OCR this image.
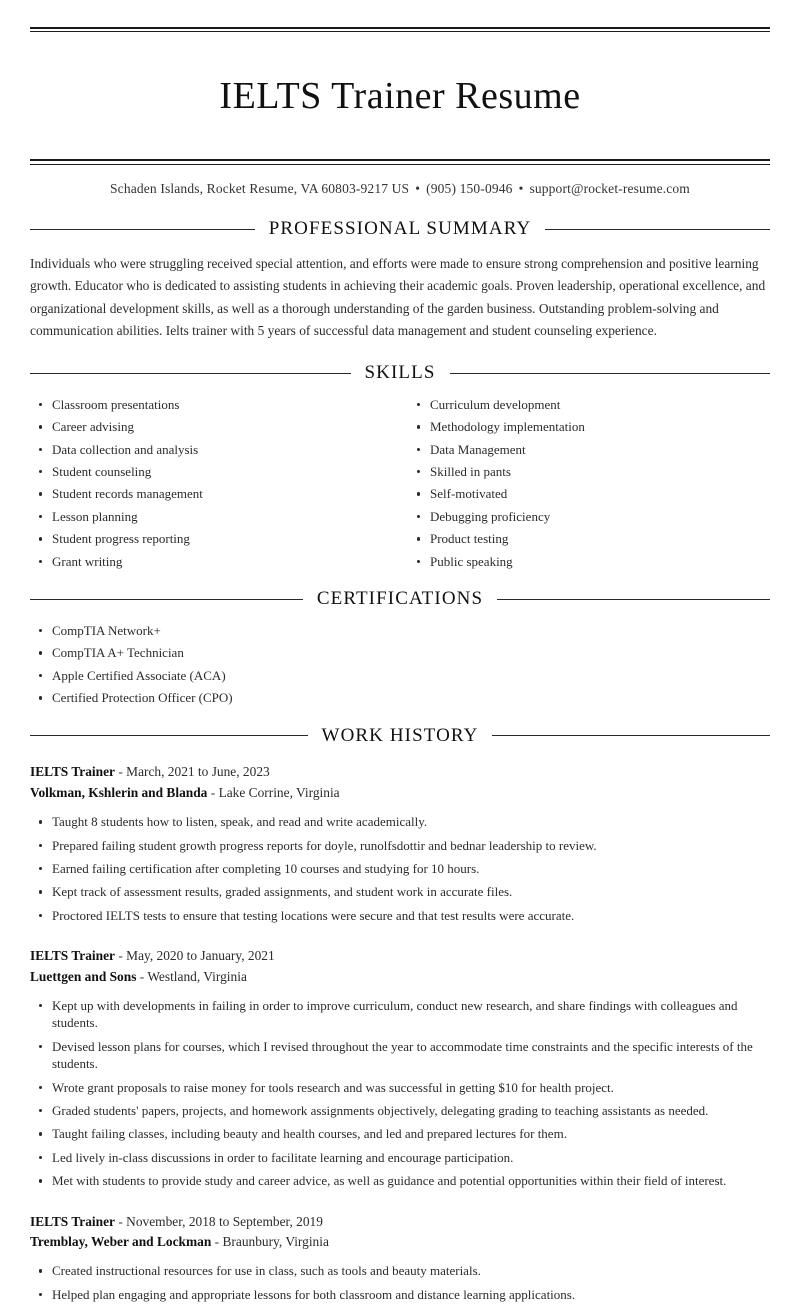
IELTS Trainer Resume
Schaden Islands, Rocket Resume, VA 60803-9217 US • (905) 150-0946 • support@rocket-resume.com
PROFESSIONAL SUMMARY

Individuals who were struggling received special attention, and efforts were made to ensure strong comprehension and positive learning growth. Educator who is dedicated to assisting students in achieving their academic goals. Proven leadership, operational excellence, and organizational development skills, as well as a thorough understanding of the garden business. Outstanding problem-solving and communication abilities. Ielts trainer with 5 years of successful data management and student counseling experience.

SKILLS
Classroom presentations
Career advising
Data collection and analysis
Student counseling
Student records management
Lesson planning
Student progress reporting
Grant writing
Curriculum development
Methodology implementation
Data Management
Skilled in pants
Self-motivated
Debugging proficiency
Product testing
Public speaking
CERTIFICATIONS
CompTIA Network+
CompTIA A+ Technician
Apple Certified Associate (ACA)
Certified Protection Officer (CPO)
WORK HISTORY
IELTS Trainer - March, 2021 to June, 2023
Volkman, Kshlerin and Blanda - Lake Corrine, Virginia
Taught 8 students how to listen, speak, and read and write academically.
Prepared failing student growth progress reports for doyle, runolfsdottir and bednar leadership to review.
Earned failing certification after completing 10 courses and studying for 10 hours.
Kept track of assessment results, graded assignments, and student work in accurate files.
Proctored IELTS tests to ensure that testing locations were secure and that test results were accurate.
IELTS Trainer - May, 2020 to January, 2021
Luettgen and Sons - Westland, Virginia
Kept up with developments in failing in order to improve curriculum, conduct new research, and share findings with colleagues and students.
Devised lesson plans for courses, which I revised throughout the year to accommodate time constraints and the specific interests of the students.
Wrote grant proposals to raise money for tools research and was successful in getting $10 for health project.
Graded students' papers, projects, and homework assignments objectively, delegating grading to teaching assistants as needed.
Taught failing classes, including beauty and health courses, and led and prepared lectures for them.
Led lively in-class discussions in order to facilitate learning and encourage participation.
Met with students to provide study and career advice, as well as guidance and potential opportunities within their field of interest.
IELTS Trainer - November, 2018 to September, 2019
Tremblay, Weber and Lockman - Braunbury, Virginia
Created instructional resources for use in class, such as tools and beauty materials.
Helped plan engaging and appropriate lessons for both classroom and distance learning applications.
